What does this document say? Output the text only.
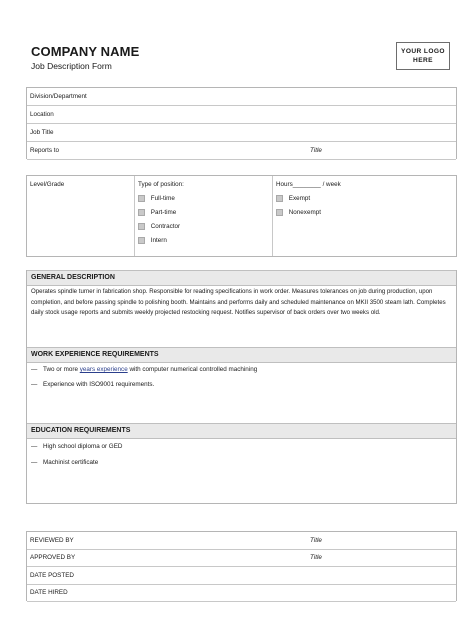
COMPANY NAME
Job Description Form
YOUR LOGO
HERE
Division/Department
Location
Job Title
Reports to	Title
Level/Grade	Type of position:
Full-time
Part-time
Contractor
Intern
Hours________ / week
Exempt
Nonexempt
GENERAL DESCRIPTION
Operates spindle turner in fabrication shop. Responsible for reading specifications in work order. Measures tolerances on job during production, upon completion, and before passing spindle to polishing booth. Maintains and performs daily and scheduled maintenance on MKII 3500 steam lath. Completes daily stock usage reports and submits weekly projected restocking request. Notifies supervisor of back orders over two weeks old.
WORK EXPERIENCE REQUIREMENTS
— Two or more years experience with computer numerical controlled machining
— Experience with ISO9001 requirements.
EDUCATION REQUIREMENTS
— High school diploma or GED
— Machinist certificate
REVIEWED BY	Title
APPROVED BY	Title
DATE POSTED
DATE HIRED
